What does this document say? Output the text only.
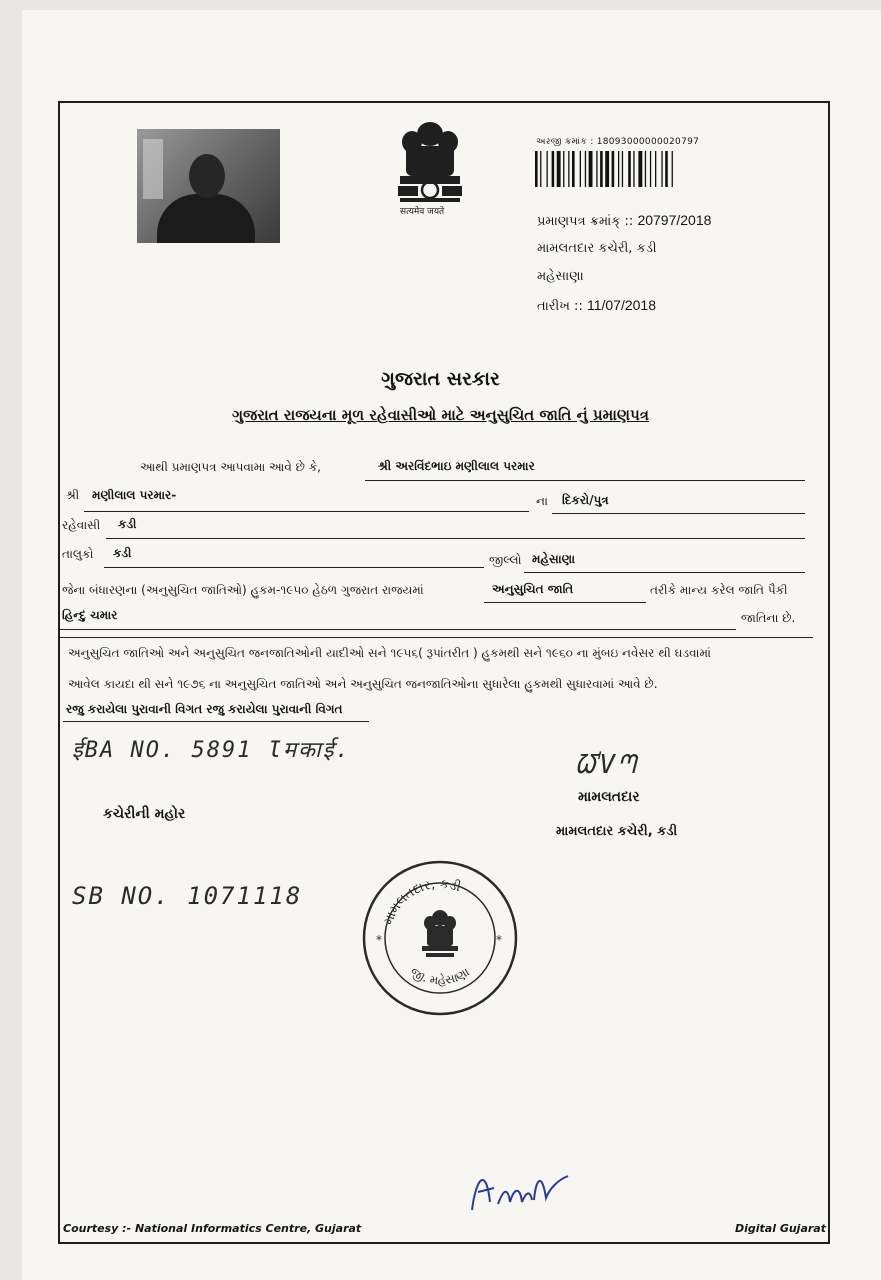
सत्यमेव जयते
અરજી ક્રમાંક : 18093000000020797
પ્રમાણપત્ર ક્રમાંક્ :: 20797/2018
મામલતદાર કચેરી, કડી
મહેસાણા
તારીખ :: 11/07/2018
ગુજરાત સરકાર
ગુજરાત રાજયના મૂળ રહેવાસીઓ માટે અનુસુચિત જાતિ નું પ્રમાણપત્ર
આથી પ્રમાણપત્ર આપવામા આવે છે કે,	શ્રી અરવિંદભાઇ મણીલાલ પરમાર
શ્રી મણીલાલ પરમાર-	ના દિકરો/પુત્ર
રહેવાસી કડી
તાલુકો કડી	જીલ્લો મહેસાણા
જેના બંધારણના (અનુસુચિત જાતિઓ) હુકમ-૧૯૫૦ હેઠળ ગુજરાત રાજયમાં	અનુસુચિત જાતિ	તરીકે માન્ય કરેલ જાતિ પૈકી
હિન્દુ ચમાર	જાતિના છે.
અનુસુચિત જાતિઓ અને અનુસુચિત જનજાતિઓની યાદીઓ સને ૧૯૫૬( રૂપાંતરીત ) હુકમથી સને ૧૯૬૦ ના મુંબઇ નવેસર થી ઘડવામાં
આવેલ કાયદા થી સને ૧૯૭૬ ના અનુસુચિત જાતિઓ અને અનુસુચિત જનજાતિઓના સુધારેલા હુકમથી સુધારવામાં આવે છે.
રજુ કરાયેલા પુરાવાની વિગત રજુ કરાયેલા પુરાવાની વિગત
ईBA NO. 5891 Ɩमकाई.
SB NO. 1071118
ᘺVᘉ
મામલતદાર
મામલતદાર કચેરી, કડી
કચેરીની મહોર
મામલતદાર, કડી
જી. મહેસાણા
*	*
Arvind
Courtesy :- National Informatics Centre, Gujarat	Digital Gujarat
